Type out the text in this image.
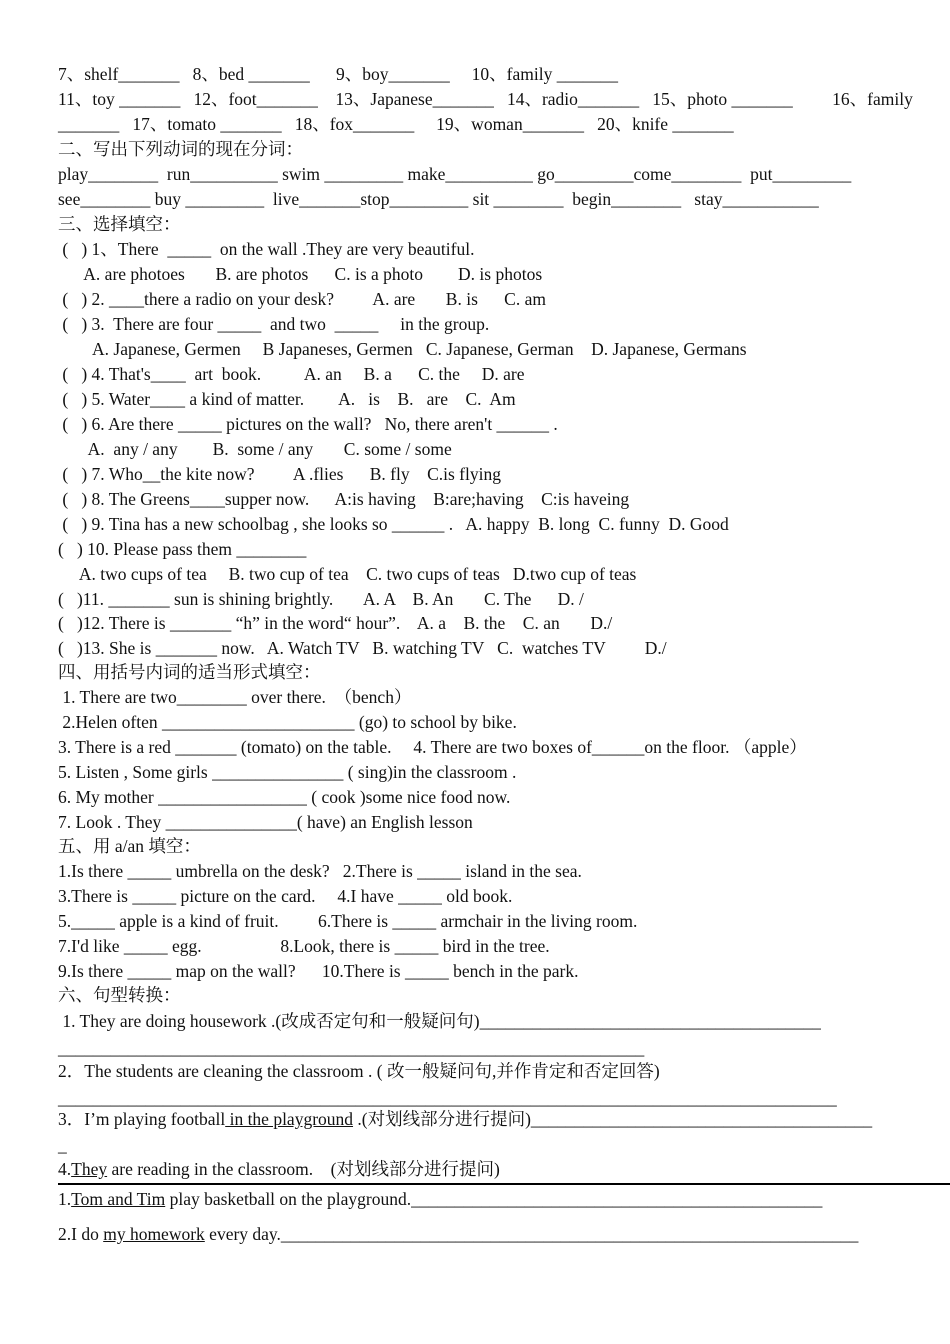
7、shelf_______   8、bed _______      9、boy_______     10、family _______
11、toy _______   12、foot_______    13、Japanese_______   14、radio_______   15、photo _______         16、family
_______   17、tomato _______   18、fox_______     19、woman_______   20、knife _______
二、写出下列动词的现在分词：
play________  run__________ swim _________ make__________ go_________come________  put_________
see________ buy _________  live_______stop_________ sit ________  begin________   stay___________
三、选择填空：
(   ) 1、There  _____  on the wall .They are very beautiful.
A. are photoes       B. are photos      C. is a photo        D. is photos
(   ) 2. ____there a radio on your desk?         A. are       B. is      C. am
(   ) 3.  There are four _____  and two  _____     in the group.
A. Japanese, Germen     B Japaneses, Germen   C. Japanese, German    D. Japanese, Germans
(   ) 4. That's____  art  book.          A. an     B. a      C. the     D. are
(   ) 5. Water____ a kind of matter.        A.   is    B.   are    C.  Am
(   ) 6. Are there _____ pictures on the wall?   No, there aren't ______ .
A.  any / any        B.  some / any       C. some / some
(   ) 7. Who__the kite now?         A .flies      B. fly    C.is flying
(   ) 8. The Greens____supper now.      A:is having    B:are;having    C:is haveing
(   ) 9. Tina has a new schoolbag , she looks so ______ .   A. happy  B. long  C. funny  D. Good
(   ) 10. Please pass them ________
A. two cups of tea     B. two cup of tea    C. two cups of teas   D.two cup of teas
(   )11. _______ sun is shining brightly.       A. A    B. An       C. The      D. /
(   )12. There is _______ “h” in the word“ hour”.    A. a    B. the    C. an       D./
(   )13. She is _______ now.   A. Watch TV   B. watching TV   C.  watches TV         D./
四、用括号内词的适当形式填空：
1. There are two________ over there.  （bench）
2.Helen often ______________________ (go) to school by bike.
3. There is a red _______ (tomato) on the table.     4. There are two boxes of______on the floor. （apple）
5. Listen , Some girls _______________ ( sing)in the classroom .
6. My mother _________________ ( cook )some nice food now.
7. Look . They _______________( have) an English lesson
五、用 a/an 填空：
1.Is there _____ umbrella on the desk?   2.There is _____ island in the sea.
3.There is _____ picture on the card.     4.I have _____ old book.
5._____ apple is a kind of fruit.         6.There is _____ armchair in the living room.
7.I'd like _____ egg.                  8.Look, there is _____ bird in the tree.
9.Is there _____ map on the wall?      10.There is _____ bench in the park.
六、句型转换：
1. They are doing housework .(改成否定句和一般疑问句)_______________________________________
___________________________________________________________________
2．The students are cleaning the classroom . ( 改一般疑问句,并作肯定和否定回答)
_________________________________________________________________________________________
3．I’m playing football in the playground .(对划线部分进行提问)_______________________________________
_
4.They are reading in the classroom.    (对划线部分进行提问)
1.Tom and Tim play basketball on the playground._______________________________________________
2.I do my homework every day.__________________________________________________________________
